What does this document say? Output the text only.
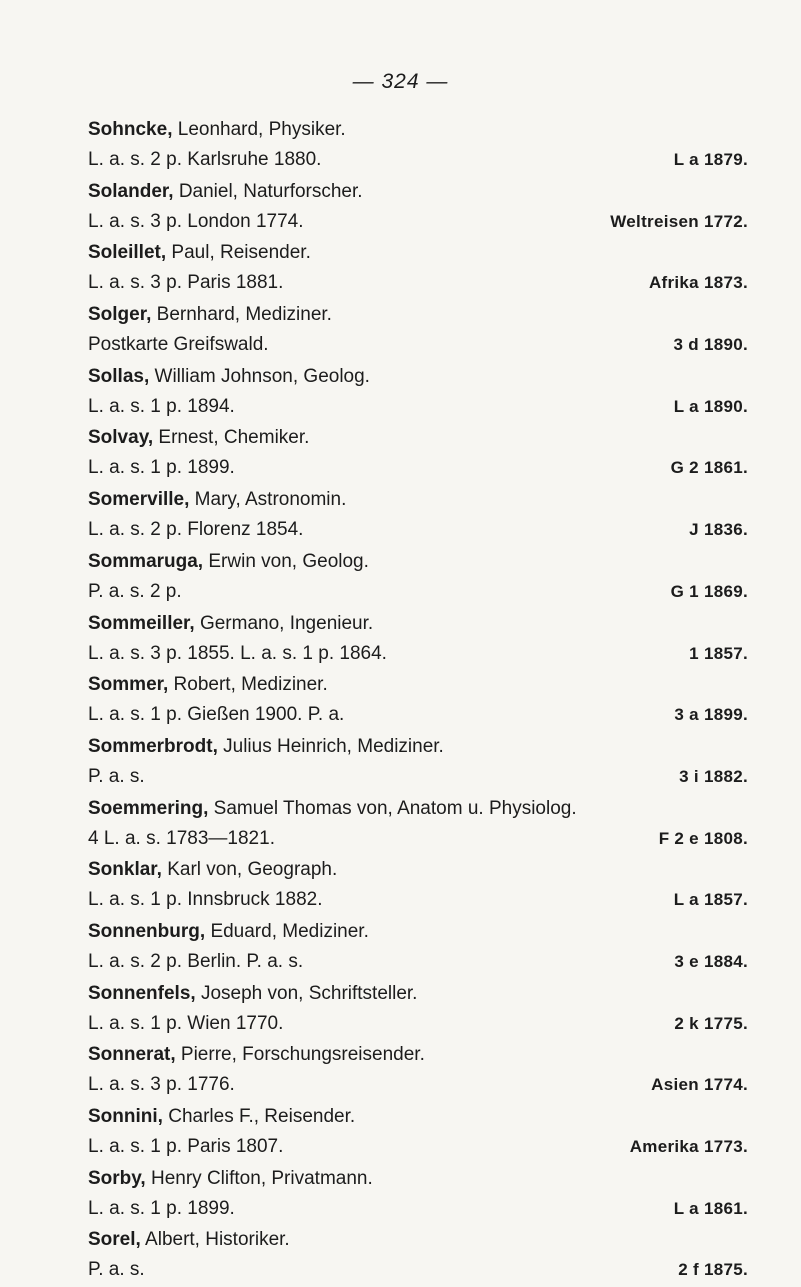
— 324 —
Sohncke, Leonhard, Physiker.
L. a. s. 2 p. Karlsruhe 1880.	L a 1879.
Solander, Daniel, Naturforscher.
L. a. s. 3 p. London 1774.	Weltreisen 1772.
Soleillet, Paul, Reisender.
L. a. s. 3 p. Paris 1881.	Afrika 1873.
Solger, Bernhard, Mediziner.
Postkarte Greifswald.	3 d 1890.
Sollas, William Johnson, Geolog.
L. a. s. 1 p. 1894.	L a 1890.
Solvay, Ernest, Chemiker.
L. a. s. 1 p. 1899.	G 2 1861.
Somerville, Mary, Astronomin.
L. a. s. 2 p. Florenz 1854.	J 1836.
Sommaruga, Erwin von, Geolog.
P. a. s. 2 p.	G 1 1869.
Sommeiller, Germano, Ingenieur.
L. a. s. 3 p. 1855. L. a. s. 1 p. 1864.	1 1857.
Sommer, Robert, Mediziner.
L. a. s. 1 p. Gießen 1900. P. a.	3 a 1899.
Sommerbrodt, Julius Heinrich, Mediziner.
P. a. s.	3 i 1882.
Soemmering, Samuel Thomas von, Anatom u. Physiolog.
4 L. a. s. 1783—1821.	F 2 e 1808.
Sonklar, Karl von, Geograph.
L. a. s. 1 p. Innsbruck 1882.	L a 1857.
Sonnenburg, Eduard, Mediziner.
L. a. s. 2 p. Berlin. P. a. s.	3 e 1884.
Sonnenfels, Joseph von, Schriftsteller.
L. a. s. 1 p. Wien 1770.	2 k 1775.
Sonnerat, Pierre, Forschungsreisender.
L. a. s. 3 p. 1776.	Asien 1774.
Sonnini, Charles F., Reisender.
L. a. s. 1 p. Paris 1807.	Amerika 1773.
Sorby, Henry Clifton, Privatmann.
L. a. s. 1 p. 1899.	L a 1861.
Sorel, Albert, Historiker.
P. a. s.	2 f 1875.
